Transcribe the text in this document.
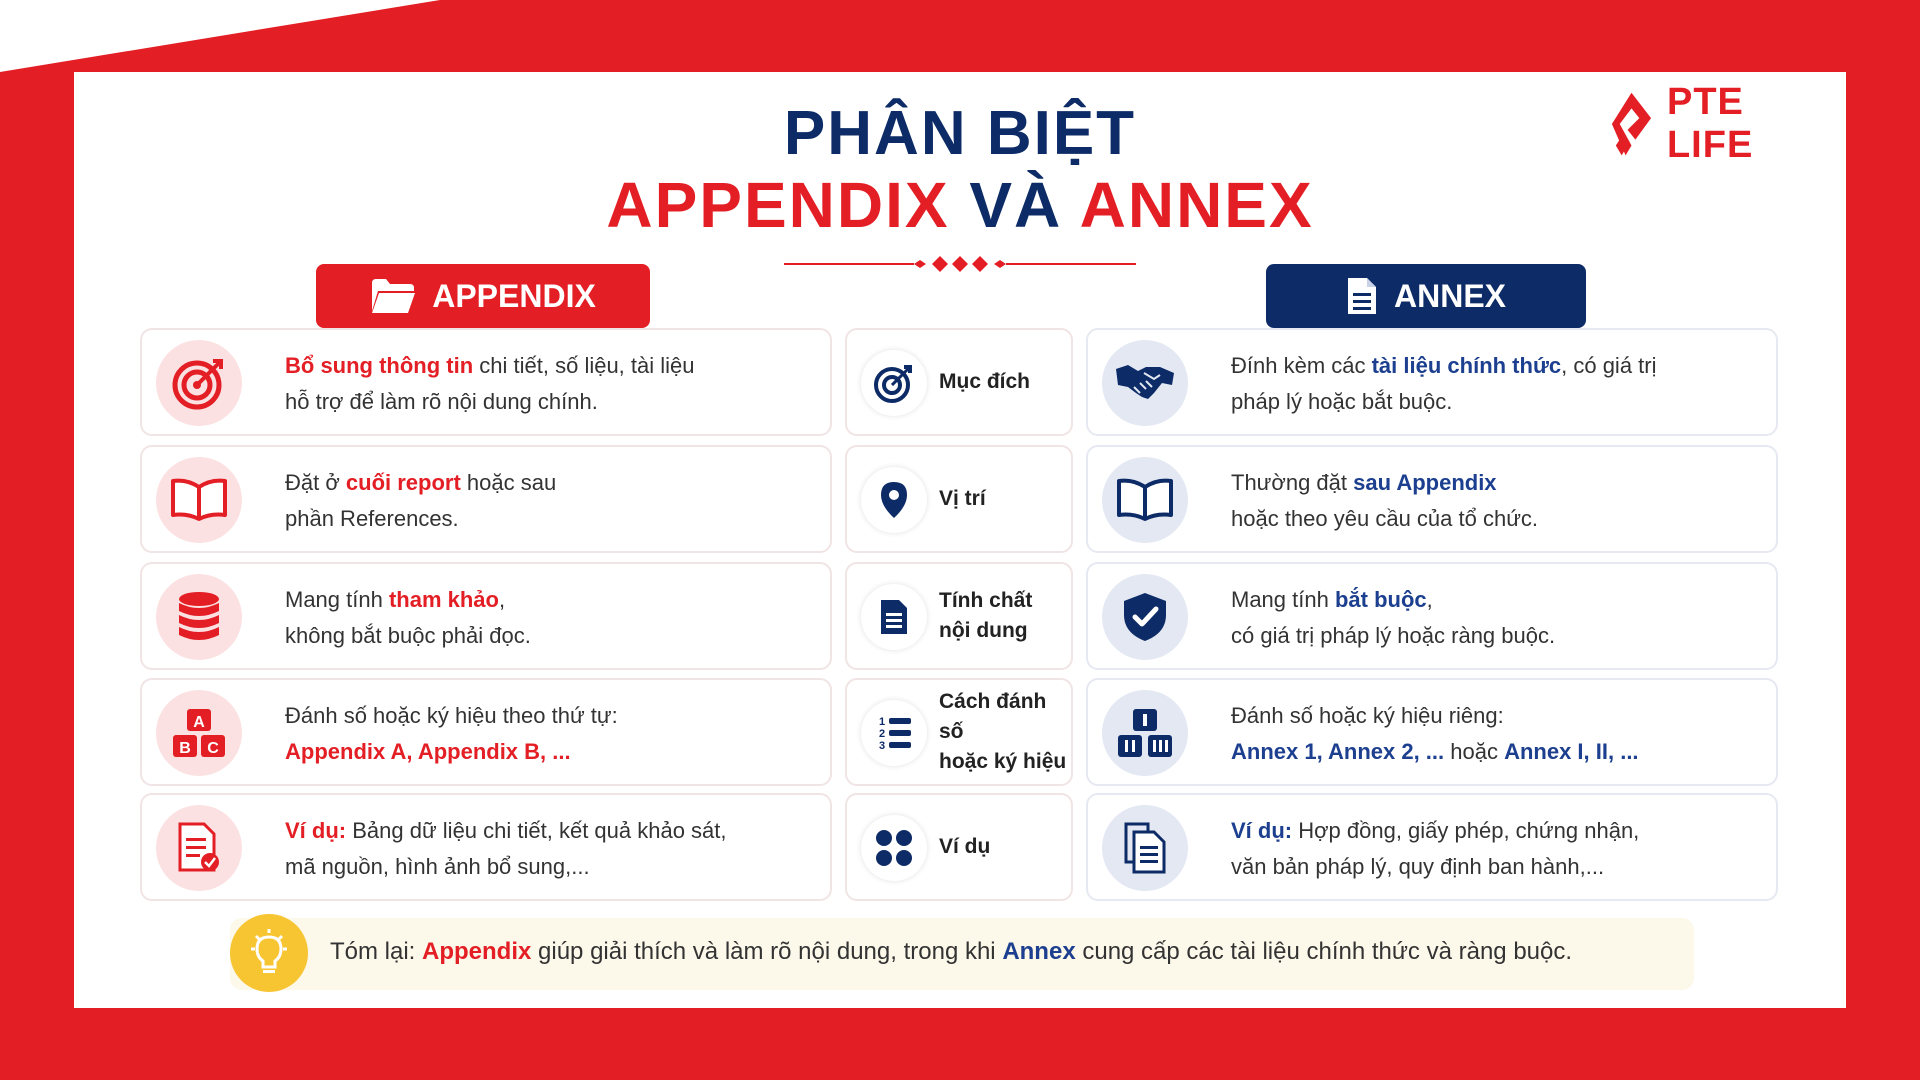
PTE LIFE
PHÂN BIỆT
APPENDIX VÀ ANNEX
APPENDIX	ANNEX
Bổ sung thông tin chi tiết, số liệu, tài liệu
hỗ trợ để làm rõ nội dung chính.
Mục đích
Đính kèm các tài liệu chính thức, có giá trị
pháp lý hoặc bắt buộc.
Đặt ở cuối report hoặc sau
phần References.
Vị trí
Thường đặt sau Appendix
hoặc theo yêu cầu của tổ chức.
Mang tính tham khảo,
không bắt buộc phải đọc.
Tính chất
nội dung
Mang tính bắt buộc,
có giá trị pháp lý hoặc ràng buộc.
A
B C
Đánh số hoặc ký hiệu theo thứ tự:
Appendix A, Appendix B, ...
1
2
3
Cách đánh số
hoặc ký hiệu
Đánh số hoặc ký hiệu riêng:
Annex 1, Annex 2, ... hoặc Annex I, II, ...
Ví dụ: Bảng dữ liệu chi tiết, kết quả khảo sát,
mã nguồn, hình ảnh bổ sung,...
Ví dụ
Ví dụ: Hợp đồng, giấy phép, chứng nhận,
văn bản pháp lý, quy định ban hành,...
Tóm lại: Appendix giúp giải thích và làm rõ nội dung, trong khi Annex cung cấp các tài liệu chính thức và ràng buộc.
